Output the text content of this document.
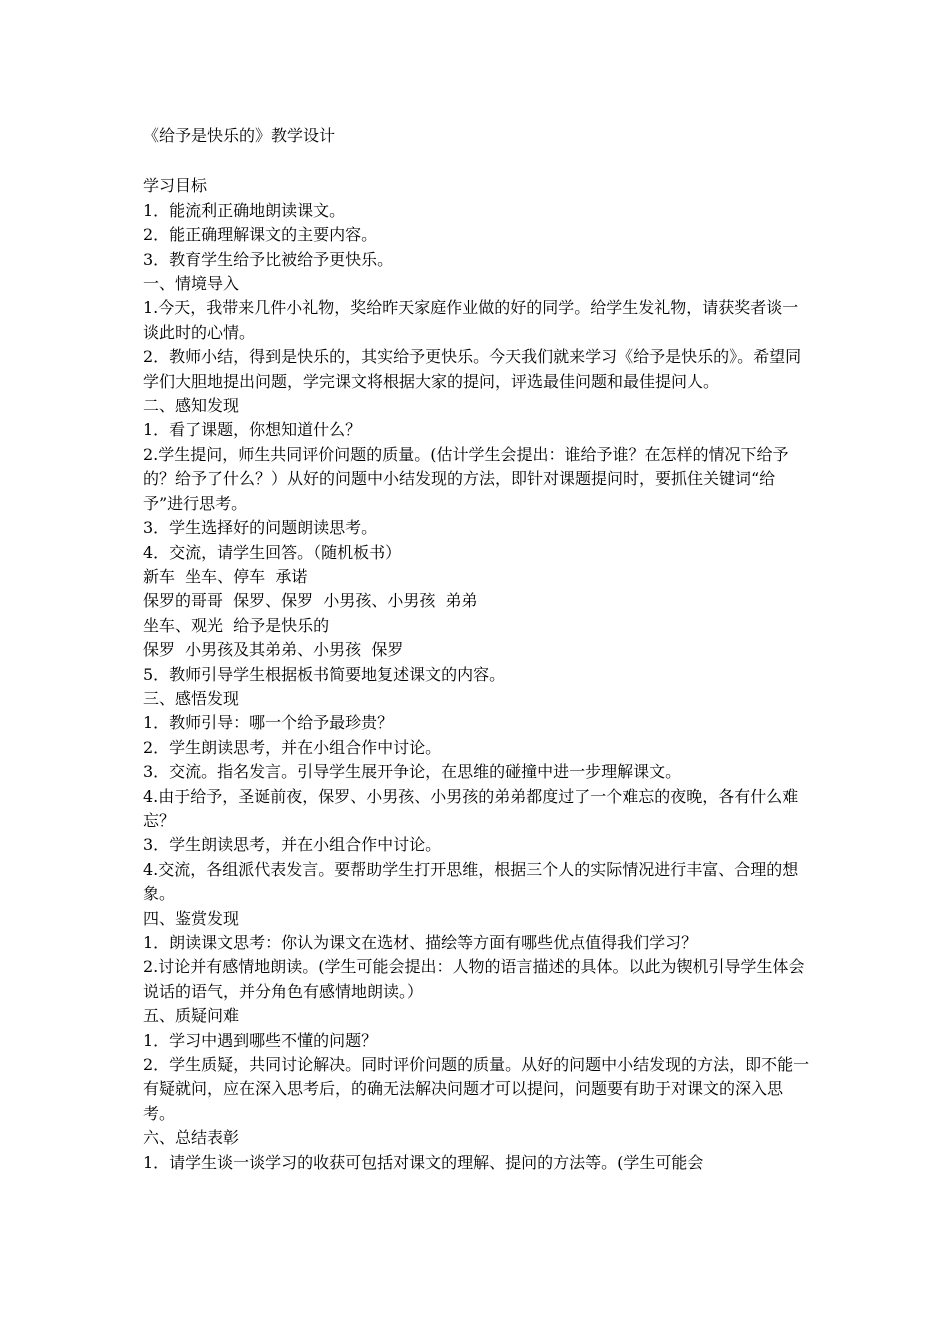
《给予是快乐的》教学设计

学习目标

1．能流利正确地朗读课文。

2．能正确理解课文的主要内容。

3．教育学生给予比被给予更快乐。

一、情境导入

1.今天，我带来几件小礼物，奖给昨天家庭作业做的好的同学。给学生发礼物，请获奖者谈一谈此时的心情。

2．教师小结，得到是快乐的，其实给予更快乐。今天我们就来学习《给予是快乐的》。希望同学们大胆地提出问题，学完课文将根据大家的提问，评选最佳问题和最佳提问人。

二、感知发现

1．看了课题，你想知道什么？

2.学生提问，师生共同评价问题的质量。(估计学生会提出：谁给予谁？在怎样的情况下给予的？给予了什么？）从好的问题中小结发现的方法，即针对课题提问时，要抓住关键词“给予”进行思考。

3．学生选择好的问题朗读思考。

4．交流，请学生回答。（随机板书）

新车  坐车、停车  承诺

保罗的哥哥  保罗、保罗  小男孩、小男孩  弟弟

坐车、观光  给予是快乐的

保罗  小男孩及其弟弟、小男孩  保罗

5．教师引导学生根据板书简要地复述课文的内容。

三、感悟发现

1．教师引导：哪一个给予最珍贵？

2．学生朗读思考，并在小组合作中讨论。

3．交流。指名发言。引导学生展开争论，在思维的碰撞中进一步理解课文。

4.由于给予，圣诞前夜，保罗、小男孩、小男孩的弟弟都度过了一个难忘的夜晚，各有什么难忘？

3．学生朗读思考，并在小组合作中讨论。

4.交流，各组派代表发言。要帮助学生打开思维，根据三个人的实际情况进行丰富、合理的想象。

四、鉴赏发现

1．朗读课文思考：你认为课文在选材、描绘等方面有哪些优点值得我们学习？

2.讨论并有感情地朗读。(学生可能会提出：人物的语言描述的具体。以此为锲机引导学生体会说话的语气，并分角色有感情地朗读。）

五、质疑问难

1．学习中遇到哪些不懂的问题？

2．学生质疑，共同讨论解决。同时评价问题的质量。从好的问题中小结发现的方法，即不能一有疑就问，应在深入思考后，的确无法解决问题才可以提问，问题要有助于对课文的深入思考。

六、总结表彰

1．请学生谈一谈学习的收获可包括对课文的理解、提问的方法等。(学生可能会
